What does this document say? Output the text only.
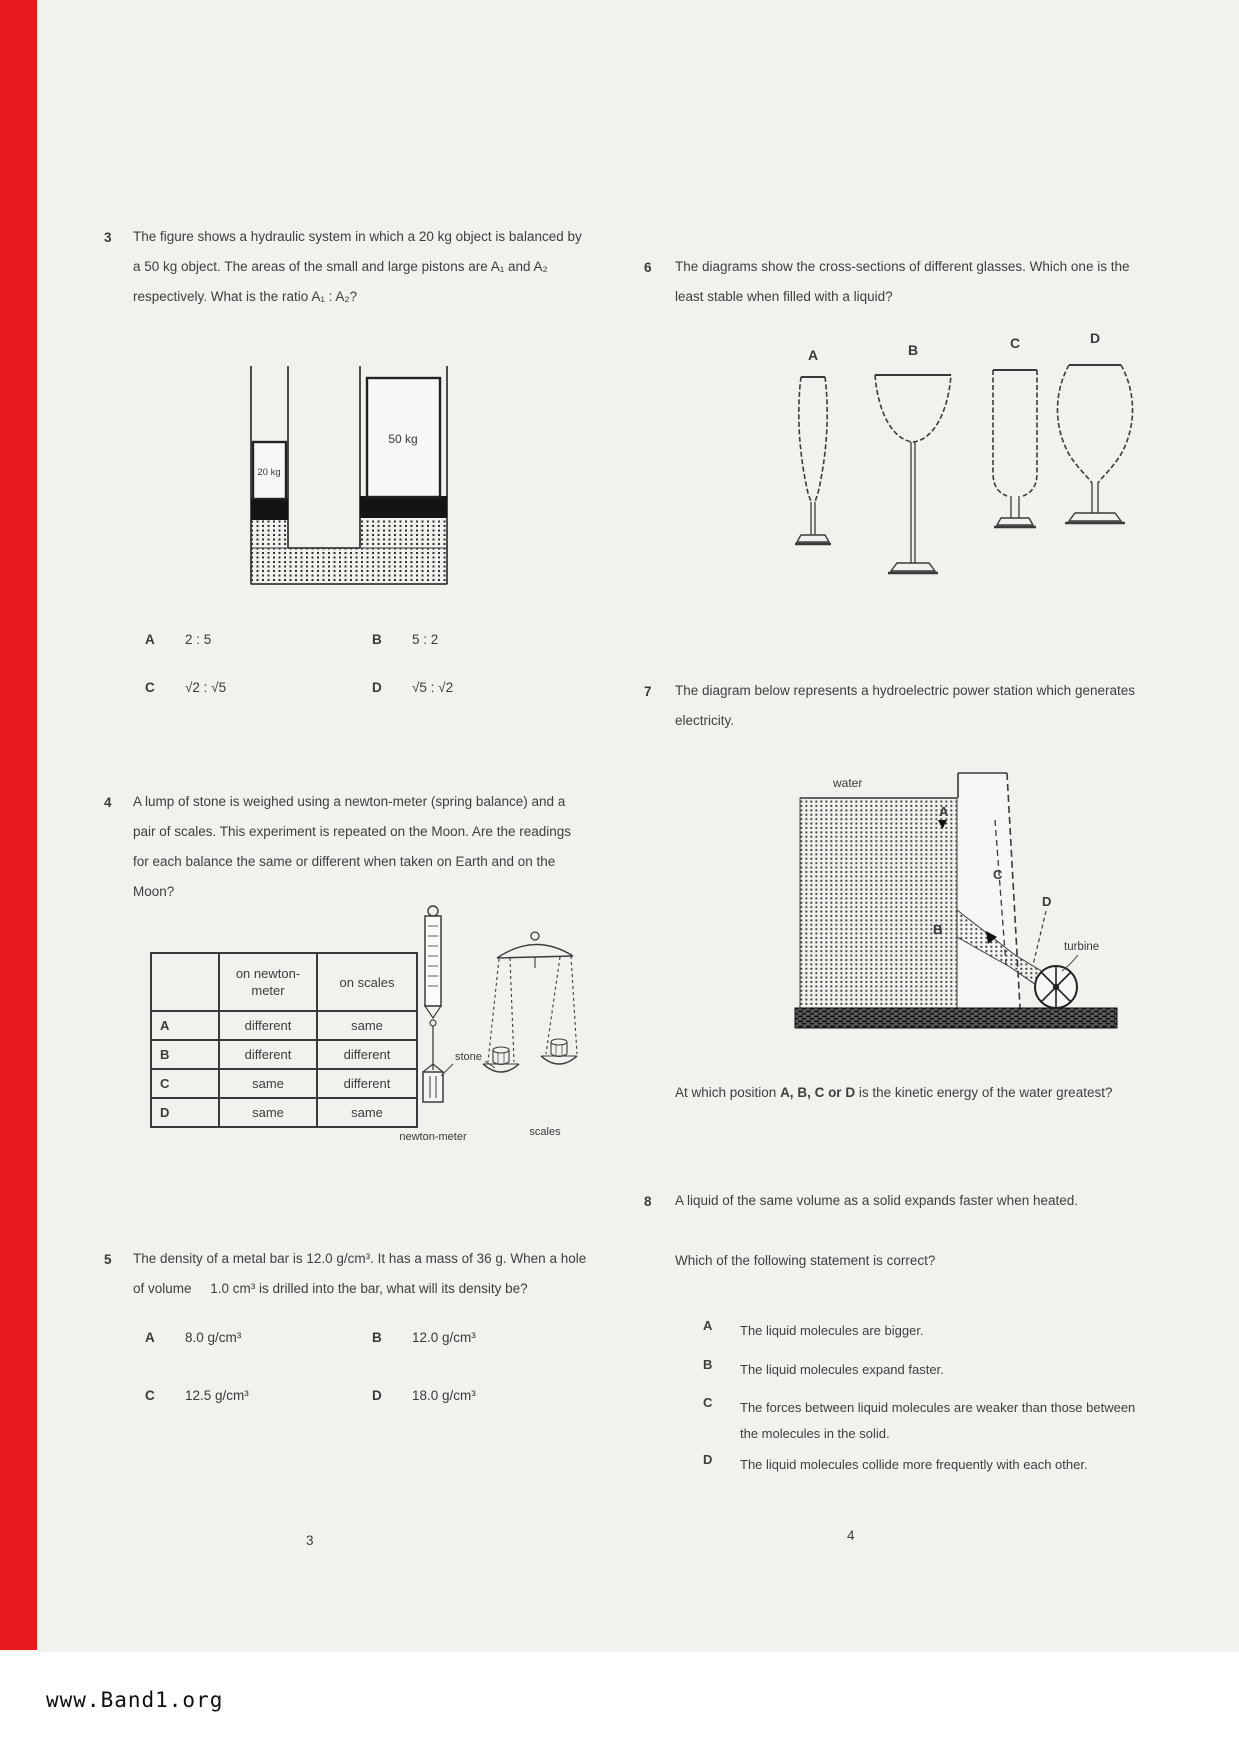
3 The figure shows a hydraulic system in which a 20 kg object is balanced by a 50 kg object. The areas of the small and large pistons are A₁ and A₂ respectively. What is the ratio A₁ : A₂?
20 kg
50 kg
A 2 : 5	B 5 : 2
C √2 : √5	D √5 : √2
4 A lump of stone is weighed using a newton-meter (spring balance) and a pair of scales. This experiment is repeated on the Moon. Are the readings for each balance the same or different when taken on Earth and on the Moon?
	on newton-meter	on scales
A	different	same
B	different	different
C	same	different
D	same	same
stone
newton-meter	scales
5 The density of a metal bar is 12.0 g/cm³. It has a mass of 36 g. When a hole of volume     1.0 cm³ is drilled into the bar, what will its density be?
A 8.0 g/cm³	B 12.0 g/cm³
C 12.5 g/cm³	D 18.0 g/cm³
3
6 The diagrams show the cross-sections of different glasses. Which one is the least stable when filled with a liquid?
A	B	C	D
7 The diagram below represents a hydroelectric power station which generates electricity.
water
A
C
B
D
turbine
At which position A, B, C or D is the kinetic energy of the water greatest?
8 A liquid of the same volume as a solid expands faster when heated.
Which of the following statement is correct?
A The liquid molecules are bigger.
B The liquid molecules expand faster.
C The forces between liquid molecules are weaker than those between the molecules in the solid.
D The liquid molecules collide more frequently with each other.
4
www.Band1.org
